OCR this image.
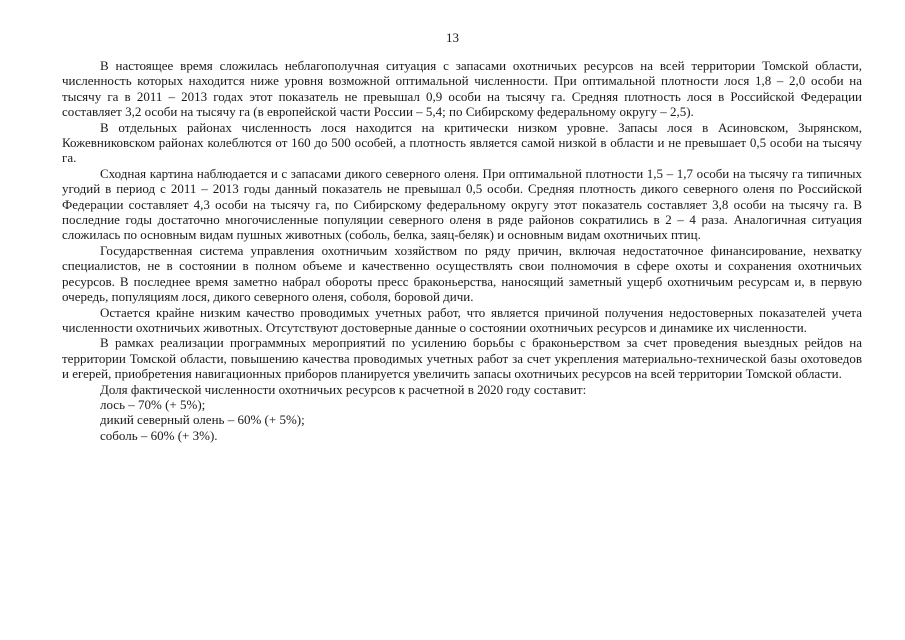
13

В настоящее время сложилась неблагополучная ситуация с запасами охотничьих ресурсов на всей территории Томской области, численность которых находится ниже уровня возможной оптимальной численности. При оптимальной плотности лося 1,8 – 2,0 особи на тысячу га в 2011 – 2013 годах этот показатель не превышал 0,9 особи на тысячу га. Средняя плотность лося в Российской Федерации составляет 3,2 особи на тысячу га (в европейской части России – 5,4; по Сибирскому федеральному округу – 2,5).

В отдельных районах численность лося находится на критически низком уровне. Запасы лося в Асиновском, Зырянском, Кожевниковском районах колеблются от 160 до 500 особей, а плотность является самой низкой в области и не превышает 0,5 особи на тысячу га.

Сходная картина наблюдается и с запасами дикого северного оленя. При оптимальной плотности 1,5 – 1,7 особи на тысячу га типичных угодий в период с 2011 – 2013 годы данный показатель не превышал 0,5 особи. Средняя плотность дикого северного оленя по Российской Федерации составляет 4,3 особи на тысячу га, по Сибирскому федеральному округу этот показатель составляет 3,8 особи на тысячу га. В последние годы достаточно многочисленные популяции северного оленя в ряде районов сократились в 2 – 4 раза. Аналогичная ситуация сложилась по основным видам пушных животных (соболь, белка, заяц-беляк) и основным видам охотничьих птиц.

Государственная система управления охотничьим хозяйством по ряду причин, включая недостаточное финансирование, нехватку специалистов, не в состоянии в полном объеме и качественно осуществлять свои полномочия в сфере охоты и сохранения охотничьих ресурсов. В последнее время заметно набрал обороты пресс браконьерства, наносящий заметный ущерб охотничьим ресурсам и, в первую очередь, популяциям лося, дикого северного оленя, соболя, боровой дичи.

Остается крайне низким качество проводимых учетных работ, что является причиной получения недостоверных показателей учета численности охотничьих животных. Отсутствуют достоверные данные о состоянии охотничьих ресурсов и динамике их численности.

В рамках реализации программных мероприятий по усилению борьбы с браконьерством за счет проведения выездных рейдов на территории Томской области, повышению качества проводимых учетных работ за счет укрепления материально-технической базы охотоведов и егерей, приобретения навигационных приборов планируется увеличить запасы охотничьих ресурсов на всей территории Томской области.

Доля фактической численности охотничьих ресурсов к расчетной в 2020 году составит:

лось – 70% (+ 5%);

дикий северный олень – 60% (+ 5%);

соболь – 60% (+ 3%).
